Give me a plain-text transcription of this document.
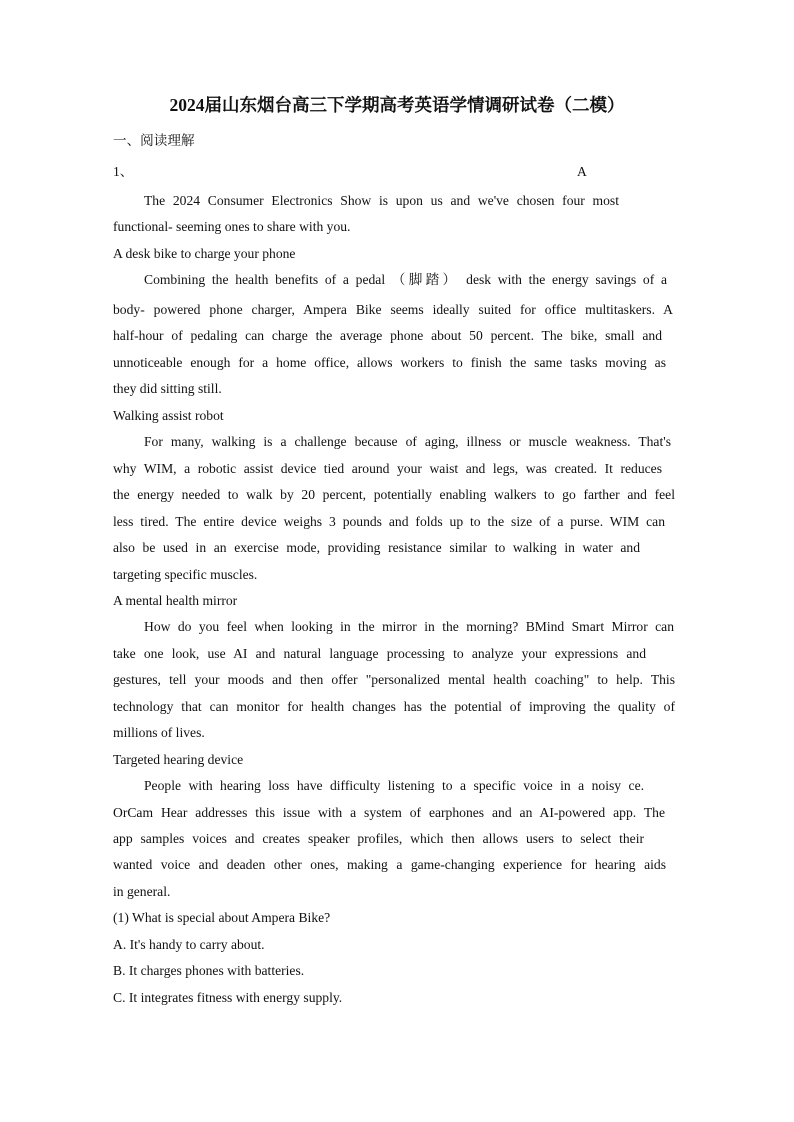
2024届山东烟台高三下学期高考英语学情调研试卷（二模）
一、阅读理解
1、	A
The 2024 Consumer Electronics Show is upon us and we've chosen four most
functional- seeming ones to share with you.
A desk bike to charge your phone
Combining the health benefits of a pedal （脚踏） desk with the energy savings of a
body- powered phone charger, Ampera Bike seems ideally suited for office multitaskers. A
half-hour of pedaling can charge the average phone about 50 percent. The bike, small and
unnoticeable enough for a home office, allows workers to finish the same tasks moving as
they did sitting still.
Walking assist robot
For many, walking is a challenge because of aging, illness or muscle weakness. That's
why WIM, a robotic assist device tied around your waist and legs, was created. It reduces
the energy needed to walk by 20 percent, potentially enabling walkers to go farther and feel
less tired. The entire device weighs 3 pounds and folds up to the size of a purse. WIM can
also be used in an exercise mode, providing resistance similar to walking in water and
targeting specific muscles.
A mental health mirror
How do you feel when looking in the mirror in the morning? BMind Smart Mirror can
take one look, use AI and natural language processing to analyze your expressions and
gestures, tell your moods and then offer "personalized mental health coaching" to help. This
technology that can monitor for health changes has the potential of improving the quality of
millions of lives.
Targeted hearing device
People with hearing loss have difficulty listening to a specific voice in a noisy ce.
OrCam Hear addresses this issue with a system of earphones and an AI-powered app. The
app samples voices and creates speaker profiles, which then allows users to select their
wanted voice and deaden other ones, making a game-changing experience for hearing aids
in general.
(1) What is special about Ampera Bike?
A. It's handy to carry about.
B. It charges phones with batteries.
C. It integrates fitness with energy supply.
